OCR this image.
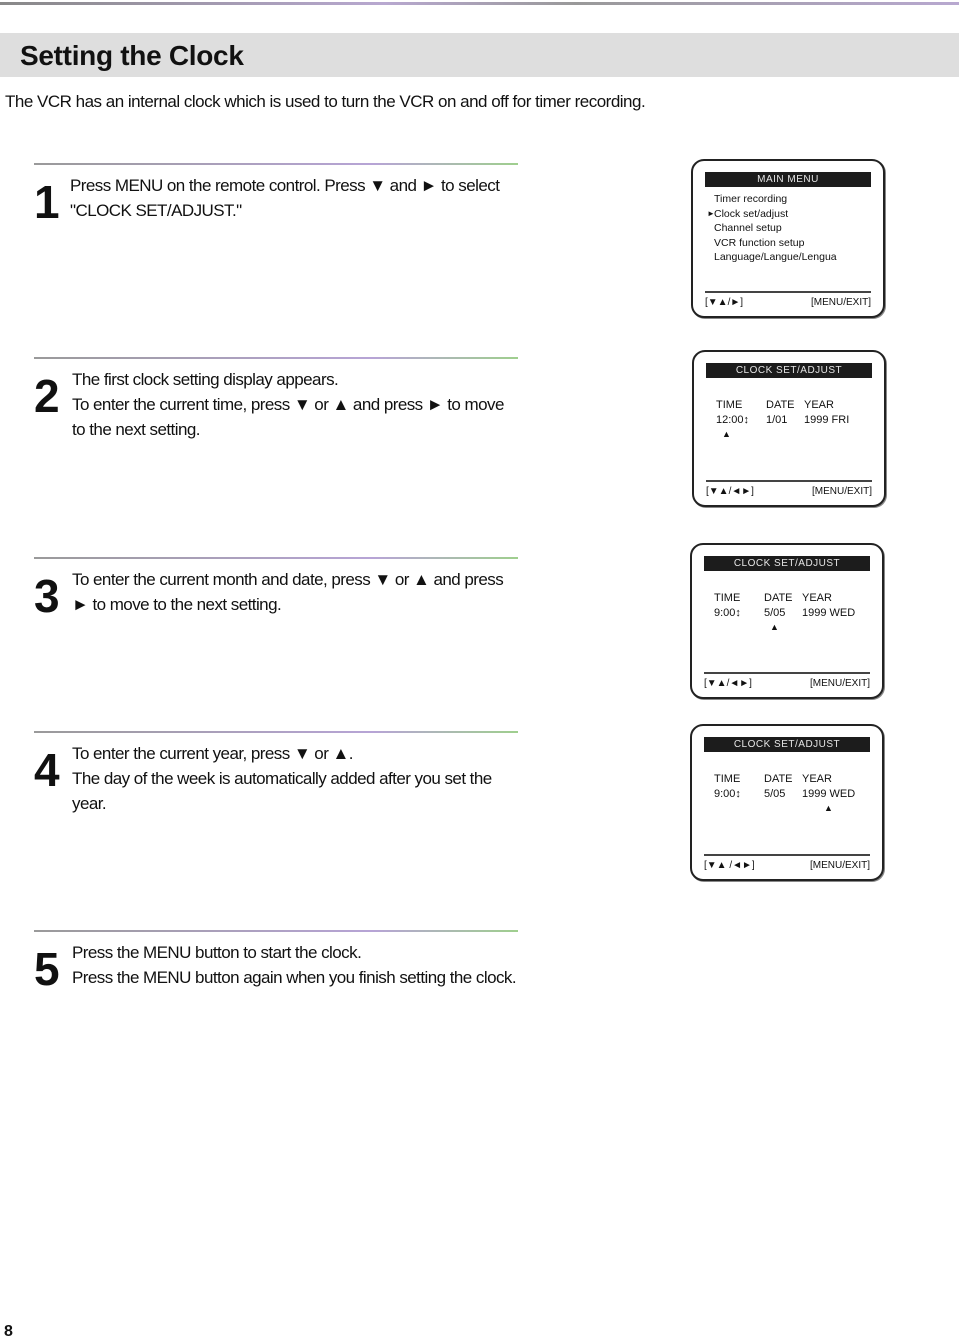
Setting the Clock

The VCR has an internal clock which is used to turn the VCR on and off for timer recording.

1 Press MENU on the remote control. Press ▼ and ► to select "CLOCK SET/ADJUST."

2 The first clock setting display appears.

To enter the current time, press ▼ or ▲ and press ► to move to the next setting.

3 To enter the current month and date, press ▼ or ▲ and press ► to move to the next setting.

4 To enter the current year, press ▼ or ▲.

The day of the week is automatically added after you set the year.

5 Press the MENU button to start the clock.

Press the MENU button again when you finish setting the clock.

MAIN MENU
Timer recording
► Clock set/adjust
Channel setup
VCR function setup
Language/Langue/Lengua
[▼▲/►]	[MENU/EXIT]
CLOCK SET/ADJUST
TIME	DATE YEAR
12:00↕	1/01	1999 FRI
▲
[▼▲/◄►]	[MENU/EXIT]
CLOCK SET/ADJUST
TIME	DATE YEAR
9:00↕	5/05	1999 WED
▲
[▼▲/◄►]	[MENU/EXIT]
CLOCK SET/ADJUST
TIME	DATE YEAR
9:00↕	5/05	1999 WED
▲
[▼▲ /◄►]	[MENU/EXIT]

8
